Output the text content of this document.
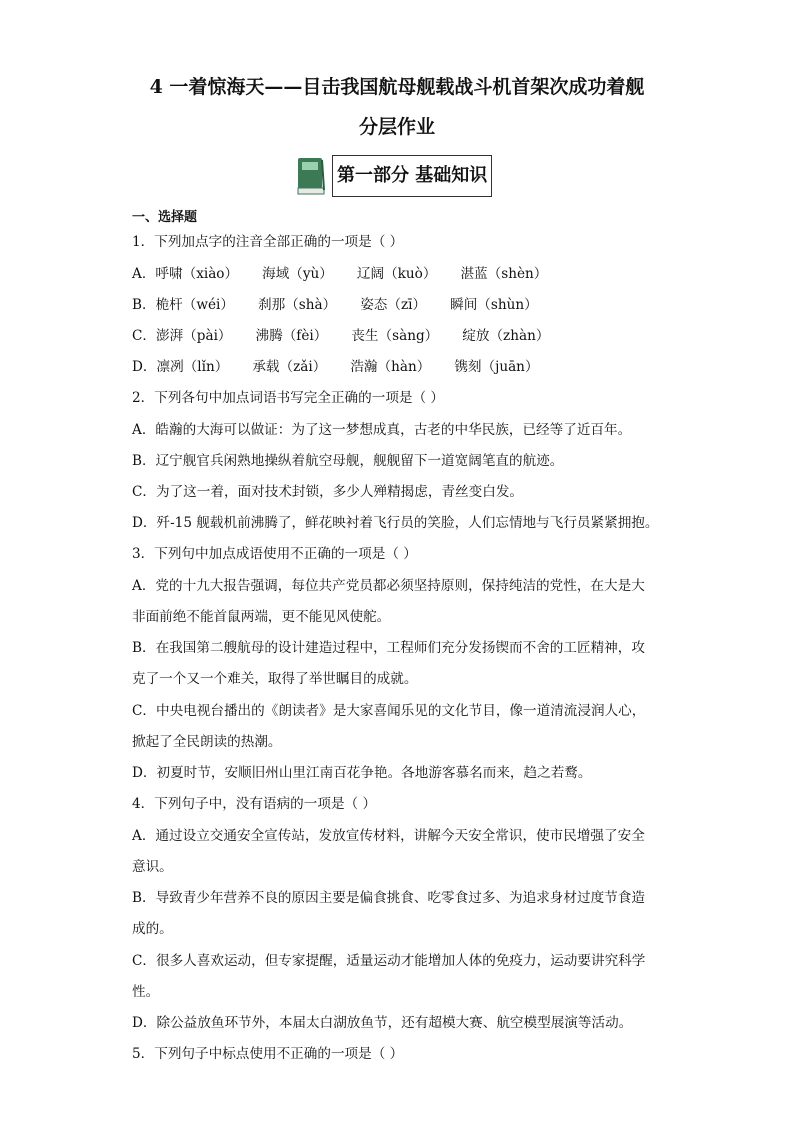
4 一着惊海天——目击我国航母舰载战斗机首架次成功着舰
分层作业
第一部分 基础知识
一、选择题
1．下列加点字的注音全部正确的一项是（ ）
A．呼啸（xiào） 海域（yù） 辽阔（kuò） 湛蓝（shèn）
B．桅杆（wéi） 刹那（shà） 姿态（zī） 瞬间（shùn）
C．澎湃（pài） 沸腾（fèi） 丧生（sàng） 绽放（zhàn）
D．凛冽（lǐn） 承载（zǎi） 浩瀚（hàn） 镌刻（juān）
2．下列各句中加点词语书写完全正确的一项是（ ）
A．皓瀚的大海可以做证：为了这一梦想成真，古老的中华民族，已经等了近百年。
B．辽宁舰官兵闲熟地操纵着航空母舰，舰舰留下一道宽阔笔直的航迹。
C．为了这一着，面对技术封锁，多少人殚精揭虑，青丝变白发。
D．歼-15 舰载机前沸腾了，鲜花映衬着飞行员的笑脸，人们忘情地与飞行员紧紧拥抱。
3．下列句中加点成语使用不正确的一项是（ ）
A．党的十九大报告强调，每位共产党员都必须坚持原则，保持纯洁的党性，在大是大
非面前绝不能首鼠两端，更不能见风使舵。
B．在我国第二艘航母的设计建造过程中，工程师们充分发扬锲而不舍的工匠精神，攻
克了一个又一个难关，取得了举世瞩目的成就。
C．中央电视台播出的《朗读者》是大家喜闻乐见的文化节目，像一道清流浸润人心，
掀起了全民朗读的热潮。
D．初夏时节，安顺旧州山里江南百花争艳。各地游客慕名而来，趋之若鹜。
4．下列句子中，没有语病的一项是（ ）
A．通过设立交通安全宣传站，发放宣传材料，讲解今天安全常识，使市民增强了安全
意识。
B．导致青少年营养不良的原因主要是偏食挑食、吃零食过多、为追求身材过度节食造
成的。
C．很多人喜欢运动，但专家提醒，适量运动才能增加人体的免疫力，运动要讲究科学
性。
D．除公益放鱼环节外，本届太白湖放鱼节，还有超模大赛、航空模型展演等活动。
5．下列句子中标点使用不正确的一项是（ ）
